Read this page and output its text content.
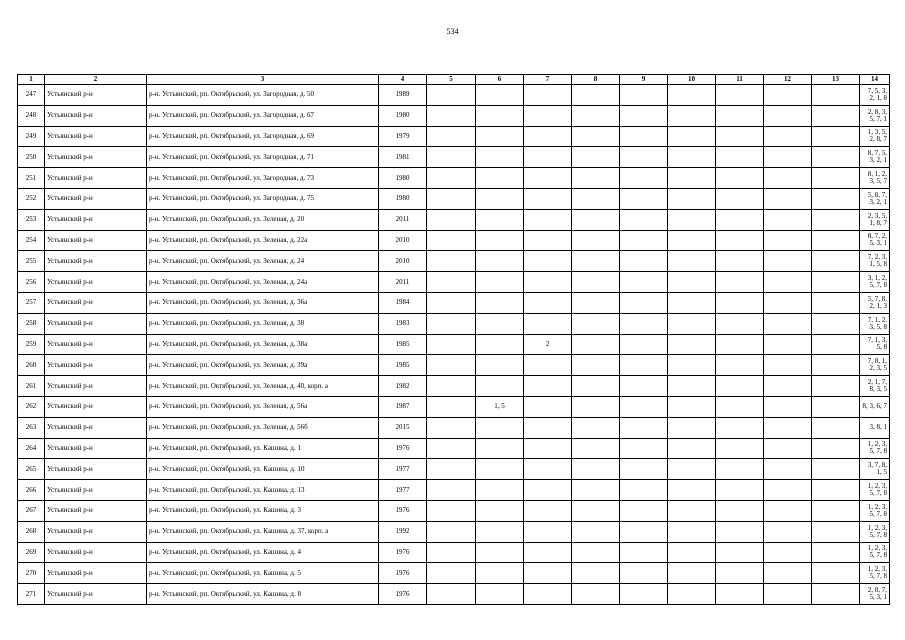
534
1	2	3	4	5	6	7	8	9	10	11	12	13	14
247	Устьянский р-н	р-н. Устьянский, рп. Октябрьский, ул. Загородная, д. 50	1989										7, 5, 3, 2, 1, 8
248	Устьянский р-н	р-н. Устьянский, рп. Октябрьский, ул. Загородная, д. 67	1980										2, 8, 3, 5, 7, 1
249	Устьянский р-н	р-н. Устьянский, рп. Октябрьский, ул. Загородная, д. 69	1979										1, 3, 5, 2, 8, 7
250	Устьянский р-н	р-н. Устьянский, рп. Октябрьский, ул. Загородная, д. 71	1981										8, 7, 5, 3, 2, 1
251	Устьянский р-н	р-н. Устьянский, рп. Октябрьский, ул. Загородная, д. 73	1980										8, 1, 2, 3, 5, 7
252	Устьянский р-н	р-н. Устьянский, рп. Октябрьский, ул. Загородная, д. 75	1980										5, 8, 7, 3, 2, 1
253	Устьянский р-н	р-н. Устьянский, рп. Октябрьский, ул. Зеленая, д. 20	2011										2, 3, 5, 1, 8, 7
254	Устьянский р-н	р-н. Устьянский, рп. Октябрьский, ул. Зеленая, д. 22а	2010										8, 7, 2, 5, 3, 1
255	Устьянский р-н	р-н. Устьянский, рп. Октябрьский, ул. Зеленая, д. 24	2010										7, 2, 3, 1, 5, 8
256	Устьянский р-н	р-н. Устьянский, рп. Октябрьский, ул. Зеленая, д. 24а	2011										3, 1, 2, 5, 7, 8
257	Устьянский р-н	р-н. Устьянский, рп. Октябрьский, ул. Зеленая, д. 36а	1984										5, 7, 8, 2, 1, 3
258	Устьянский р-н	р-н. Устьянский, рп. Октябрьский, ул. Зеленая, д. 38	1983										7, 1, 2, 3, 5, 8
259	Устьянский р-н	р-н. Устьянский, рп. Октябрьский, ул. Зеленая, д. 38а	1985			2							7, 1, 3, 5, 8
260	Устьянский р-н	р-н. Устьянский, рп. Октябрьский, ул. Зеленая, д. 39а	1985										7, 8, 1, 2, 3, 5
261	Устьянский р-н	р-н. Устьянский, рп. Октябрьский, ул. Зеленая, д. 40, корп. а	1982										2, 1, 7, 8, 3, 5
262	Устьянский р-н	р-н. Устьянский, рп. Октябрьский, ул. Зеленая, д. 56а	1987		1, 5								8, 3, 6, 7
263	Устьянский р-н	р-н. Устьянский, рп. Октябрьский, ул. Зеленая, д. 56б	2015										3, 8, 1
264	Устьянский р-н	р-н. Устьянский, рп. Октябрьский, ул. Кашина, д. 1	1976										1, 2, 3, 5, 7, 8
265	Устьянский р-н	р-н. Устьянский, рп. Октябрьский, ул. Кашина, д. 10	1977										3, 7, 8, 1, 5
266	Устьянский р-н	р-н. Устьянский, рп. Октябрьский, ул. Кашина, д. 13	1977										1, 2, 3, 5, 7, 8
267	Устьянский р-н	р-н. Устьянский, рп. Октябрьский, ул. Кашина, д. 3	1976										1, 2, 3, 5, 7, 8
268	Устьянский р-н	р-н. Устьянский, рп. Октябрьский, ул. Кашина, д. 37, корп. а	1992										1, 2, 3, 5, 7, 8
269	Устьянский р-н	р-н. Устьянский, рп. Октябрьский, ул. Кашина, д. 4	1976										1, 2, 3, 5, 7, 8
270	Устьянский р-н	р-н. Устьянский, рп. Октябрьский, ул. Кашина, д. 5	1976										1, 2, 3, 5, 7, 8
271	Устьянский р-н	р-н. Устьянский, рп. Октябрьский, ул. Кашина, д. 8	1976										2, 8, 7, 5, 3, 1
